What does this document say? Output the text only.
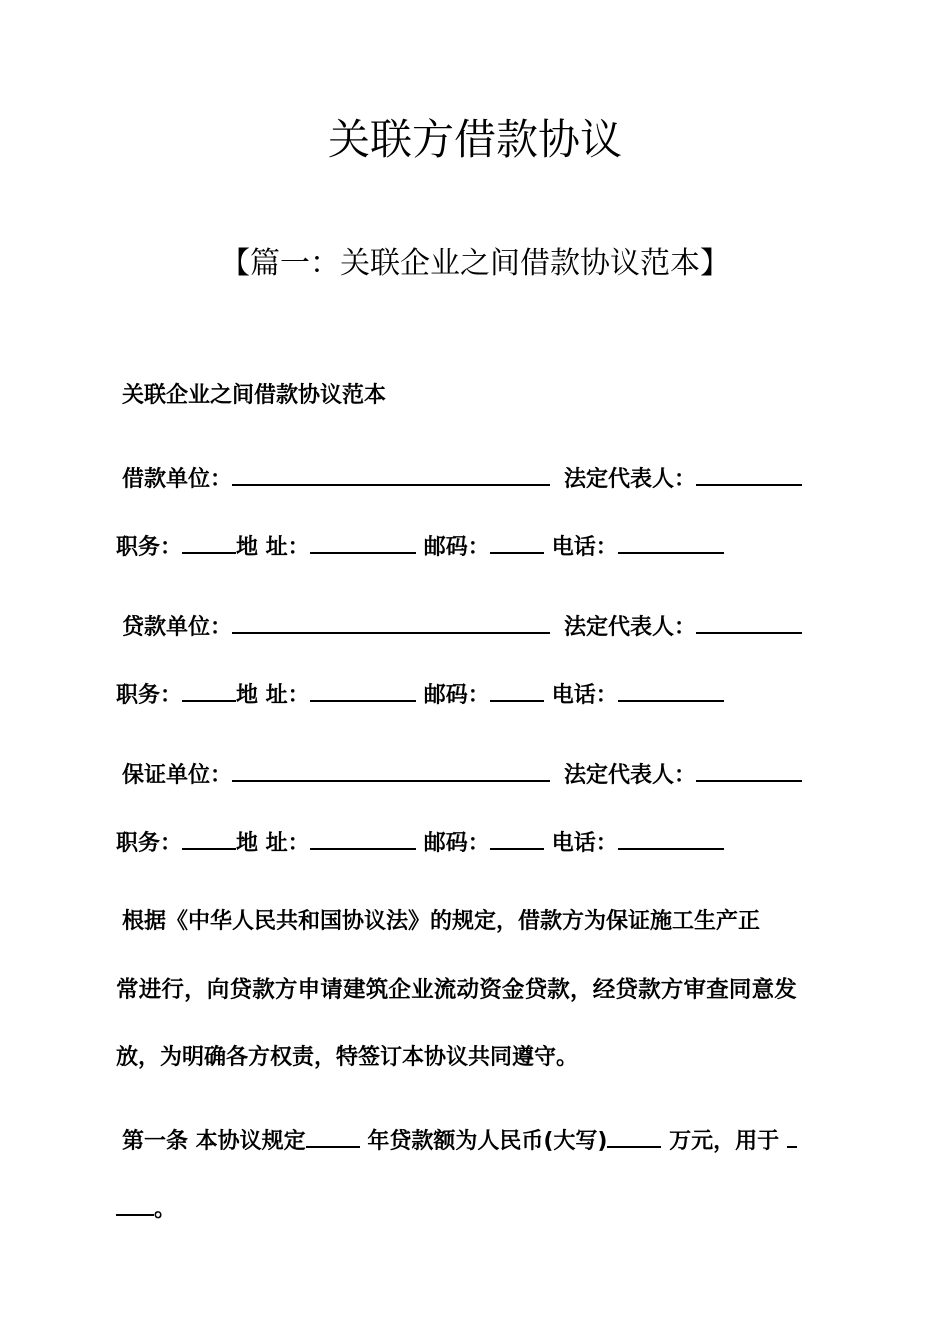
关联方借款协议
【篇一：关联企业之间借款协议范本】
关联企业之间借款协议范本
借款单位：	法定代表人：
职务： 地 址：	邮码：	电话：
贷款单位：	法定代表人：
职务： 地 址：	邮码：	电话：
保证单位：	法定代表人：
职务： 地 址：	邮码：	电话：
根据《中华人民共和国协议法》的规定，借款方为保证施工生产正
常进行，向贷款方申请建筑企业流动资金贷款，经贷款方审查同意发
放，为明确各方权责，特签订本协议共同遵守。
第一条 本协议规定 年贷款额为人民币(大写) 万元，用于
。
